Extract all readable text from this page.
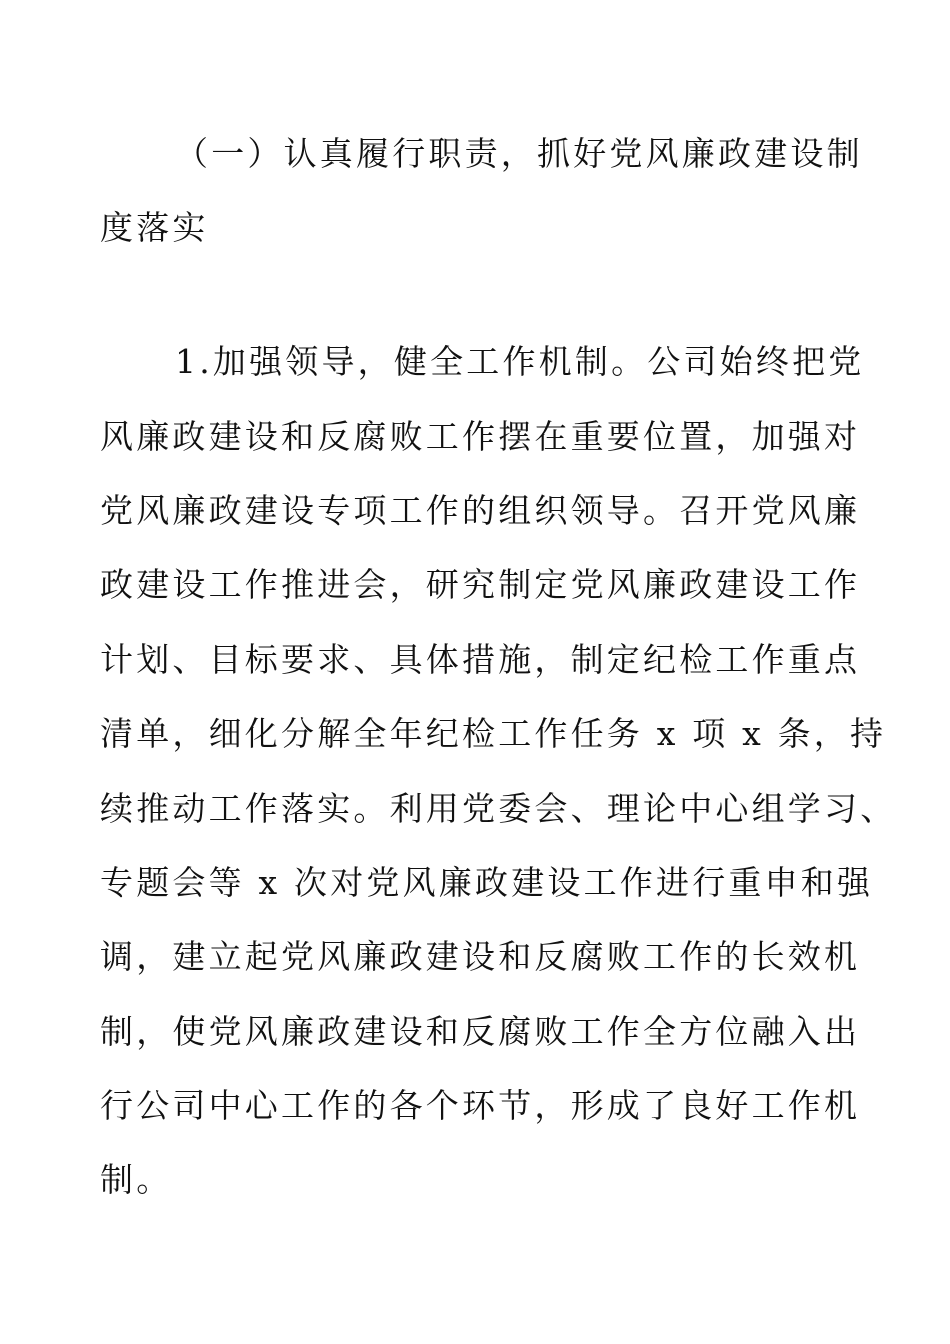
（一）认真履行职责，抓好党风廉政建设制
度落实
1.加强领导，健全工作机制。公司始终把党
风廉政建设和反腐败工作摆在重要位置，加强对
党风廉政建设专项工作的组织领导。召开党风廉
政建设工作推进会，研究制定党风廉政建设工作
计划、目标要求、具体措施，制定纪检工作重点
清单，细化分解全年纪检工作任务 x 项 x 条，持
续推动工作落实。利用党委会、理论中心组学习、
专题会等 x 次对党风廉政建设工作进行重申和强
调，建立起党风廉政建设和反腐败工作的长效机
制，使党风廉政建设和反腐败工作全方位融入出
行公司中心工作的各个环节，形成了良好工作机
制。
